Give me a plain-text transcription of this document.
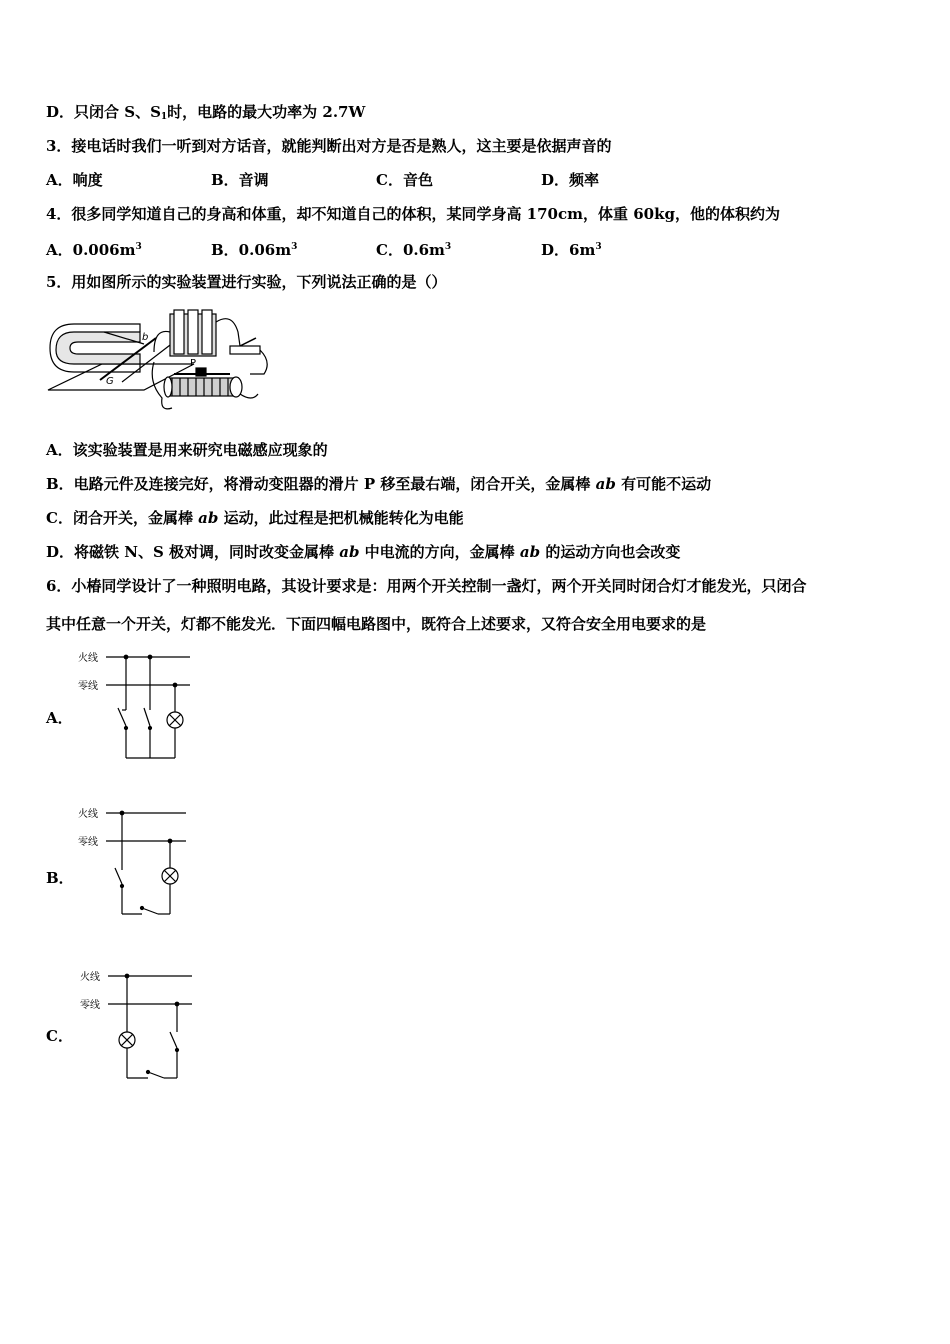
D．只闭合 S、$S_1$时，电路的最大功率为 2.7W
3．接电话时我们一听到对方话音，就能判断出对方是否是熟人，这主要是依据声音的
A．响度	B．音调	C．音色	D．频率
4．很多同学知道自己的身高和体重，却不知道自己的体积，某同学身高 170cm，体重 60kg，他的体积约为
A．$0.006m^3$	B．$0.06m^3$	C．$0.6m^3$	D．$6m^3$
5．用如图所示的实验装置进行实验，下列说法正确的是（）
b
G
P
A．该实验装置是用来研究电磁感应现象的
B．电路元件及连接完好，将滑动变阻器的滑片 P 移至最右端，闭合开关，金属棒 ab 有可能不运动
C．闭合开关，金属棒 ab 运动，此过程是把机械能转化为电能
D．将磁铁 N、S 极对调，同时改变金属棒 ab 中电流的方向，金属棒 ab 的运动方向也会改变
6．小椿同学设计了一种照明电路，其设计要求是：用两个开关控制一盏灯，两个开关同时闭合灯才能发光，只闭合
其中任意一个开关，灯都不能发光．下面四幅电路图中，既符合上述要求，又符合安全用电要求的是
A．
火线
零线
B．
火线
零线
C．
火线
零线
